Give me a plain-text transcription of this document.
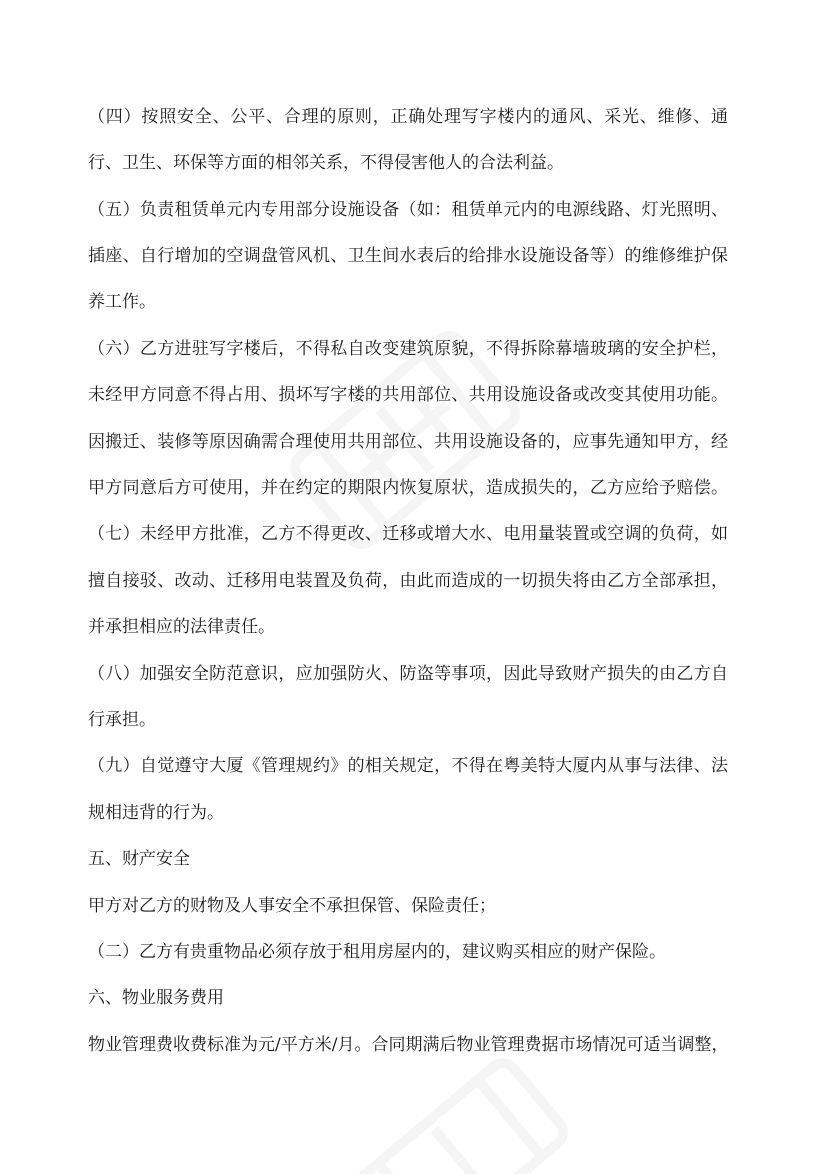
（四）按照安全、公平、合理的原则，正确处理写字楼内的通风、采光、维修、通
行、卫生、环保等方面的相邻关系，不得侵害他人的合法利益。
（五）负责租赁单元内专用部分设施设备（如：租赁单元内的电源线路、灯光照明、
插座、自行增加的空调盘管风机、卫生间水表后的给排水设施设备等）的维修维护保
养工作。
（六）乙方进驻写字楼后，不得私自改变建筑原貌，不得拆除幕墙玻璃的安全护栏，
未经甲方同意不得占用、损坏写字楼的共用部位、共用设施设备或改变其使用功能。
因搬迁、装修等原因确需合理使用共用部位、共用设施设备的，应事先通知甲方，经
甲方同意后方可使用，并在约定的期限内恢复原状，造成损失的，乙方应给予赔偿。
（七）未经甲方批准，乙方不得更改、迁移或增大水、电用量装置或空调的负荷，如
擅自接驳、改动、迁移用电装置及负荷，由此而造成的一切损失将由乙方全部承担，
并承担相应的法律责任。
（八）加强安全防范意识，应加强防火、防盗等事项，因此导致财产损失的由乙方自
行承担。
（九）自觉遵守大厦《管理规约》的相关规定，不得在粤美特大厦内从事与法律、法
规相违背的行为。
五、财产安全
甲方对乙方的财物及人事安全不承担保管、保险责任；
（二）乙方有贵重物品必须存放于租用房屋内的，建议购买相应的财产保险。
六、物业服务费用
物业管理费收费标准为元/平方米/月。合同期满后物业管理费据市场情况可适当调整，
